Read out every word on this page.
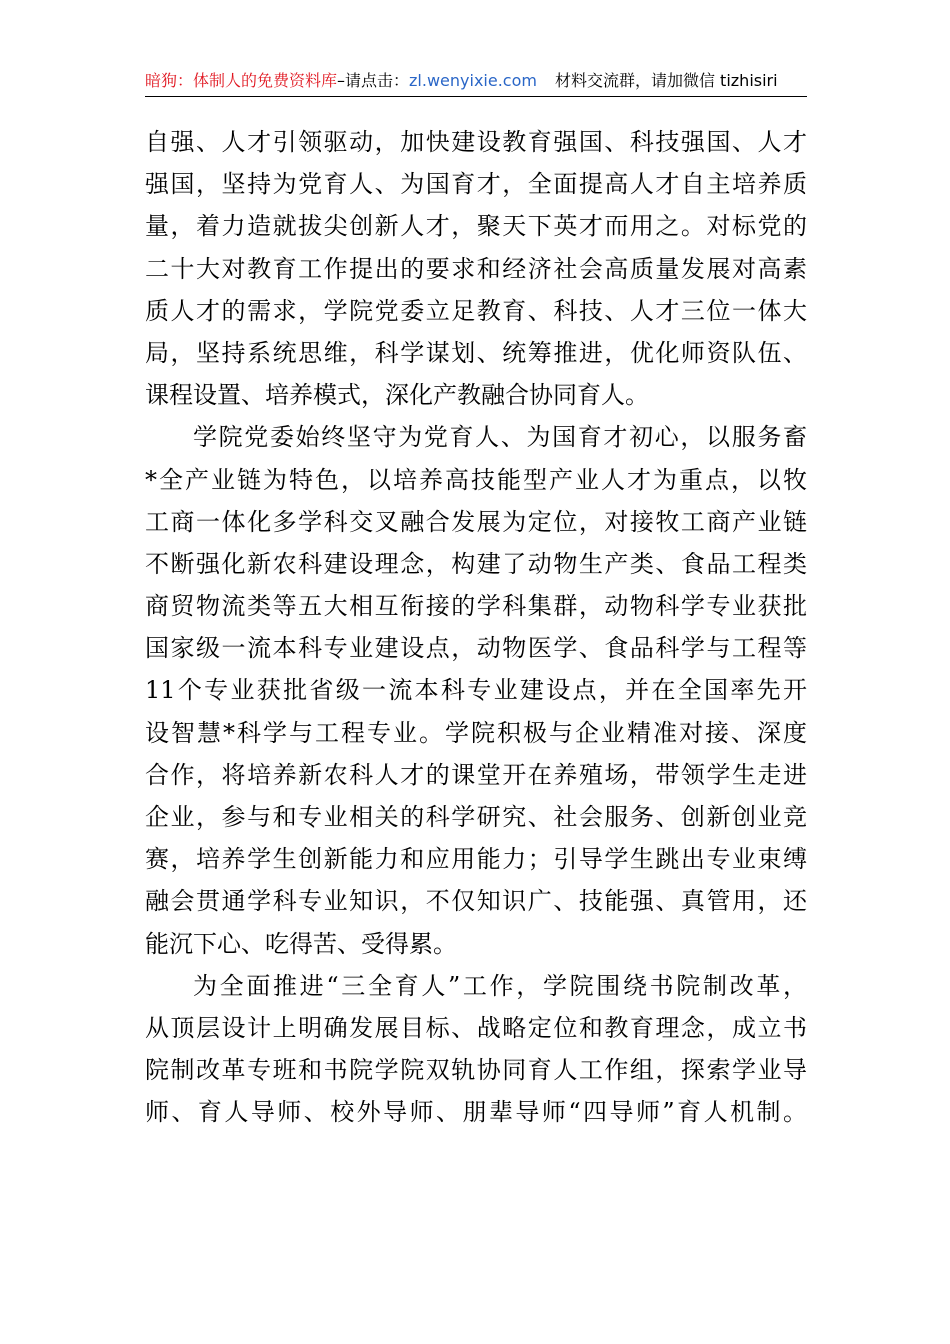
暗狗：体制人的免费资料库–请点击：zl.wenyixie.com 材料交流群，请加微信 tizhisiri
自强、人才引领驱动，加快建设教育强国、科技强国、人才
强国，坚持为党育人、为国育才，全面提高人才自主培养质
量，着力造就拔尖创新人才，聚天下英才而用之。对标党的
二十大对教育工作提出的要求和经济社会高质量发展对高素
质人才的需求，学院党委立足教育、科技、人才三位一体大
局，坚持系统思维，科学谋划、统筹推进，优化师资队伍、
课程设置、培养模式，深化产教融合协同育人。
学院党委始终坚守为党育人、为国育才初心，以服务畜
*全产业链为特色，以培养高技能型产业人才为重点，以牧
工商一体化多学科交叉融合发展为定位，对接牧工商产业链
不断强化新农科建设理念，构建了动物生产类、食品工程类
商贸物流类等五大相互衔接的学科集群，动物科学专业获批
国家级一流本科专业建设点，动物医学、食品科学与工程等
11个专业获批省级一流本科专业建设点，并在全国率先开
设智慧*科学与工程专业。学院积极与企业精准对接、深度
合作，将培养新农科人才的课堂开在养殖场，带领学生走进
企业，参与和专业相关的科学研究、社会服务、创新创业竞
赛，培养学生创新能力和应用能力；引导学生跳出专业束缚
融会贯通学科专业知识，不仅知识广、技能强、真管用，还
能沉下心、吃得苦、受得累。
为全面推进“三全育人”工作，学院围绕书院制改革，
从顶层设计上明确发展目标、战略定位和教育理念，成立书
院制改革专班和书院学院双轨协同育人工作组，探索学业导
师、育人导师、校外导师、朋辈导师“四导师”育人机制。
